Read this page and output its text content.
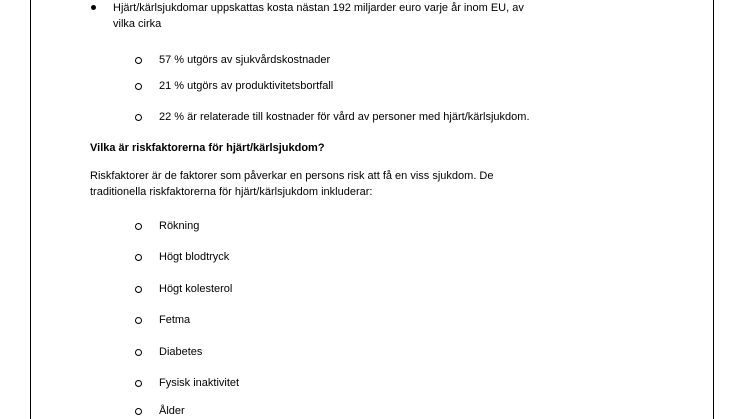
Hjärt/kärlsjukdomar uppskattas kosta nästan 192 miljarder euro varje år inom EU, av
vilka cirka
57 % utgörs av sjukvårdskostnader
21 % utgörs av produktivitetsbortfall
22 % är relaterade till kostnader för vård av personer med hjärt/kärlsjukdom.
Vilka är riskfaktorerna för hjärt/kärlsjukdom?
Riskfaktorer är de faktorer som påverkar en persons risk att få en viss sjukdom. De
traditionella riskfaktorerna för hjärt/kärlsjukdom inkluderar:
Rökning
Högt blodtryck
Högt kolesterol
Fetma
Diabetes
Fysisk inaktivitet
Ålder
